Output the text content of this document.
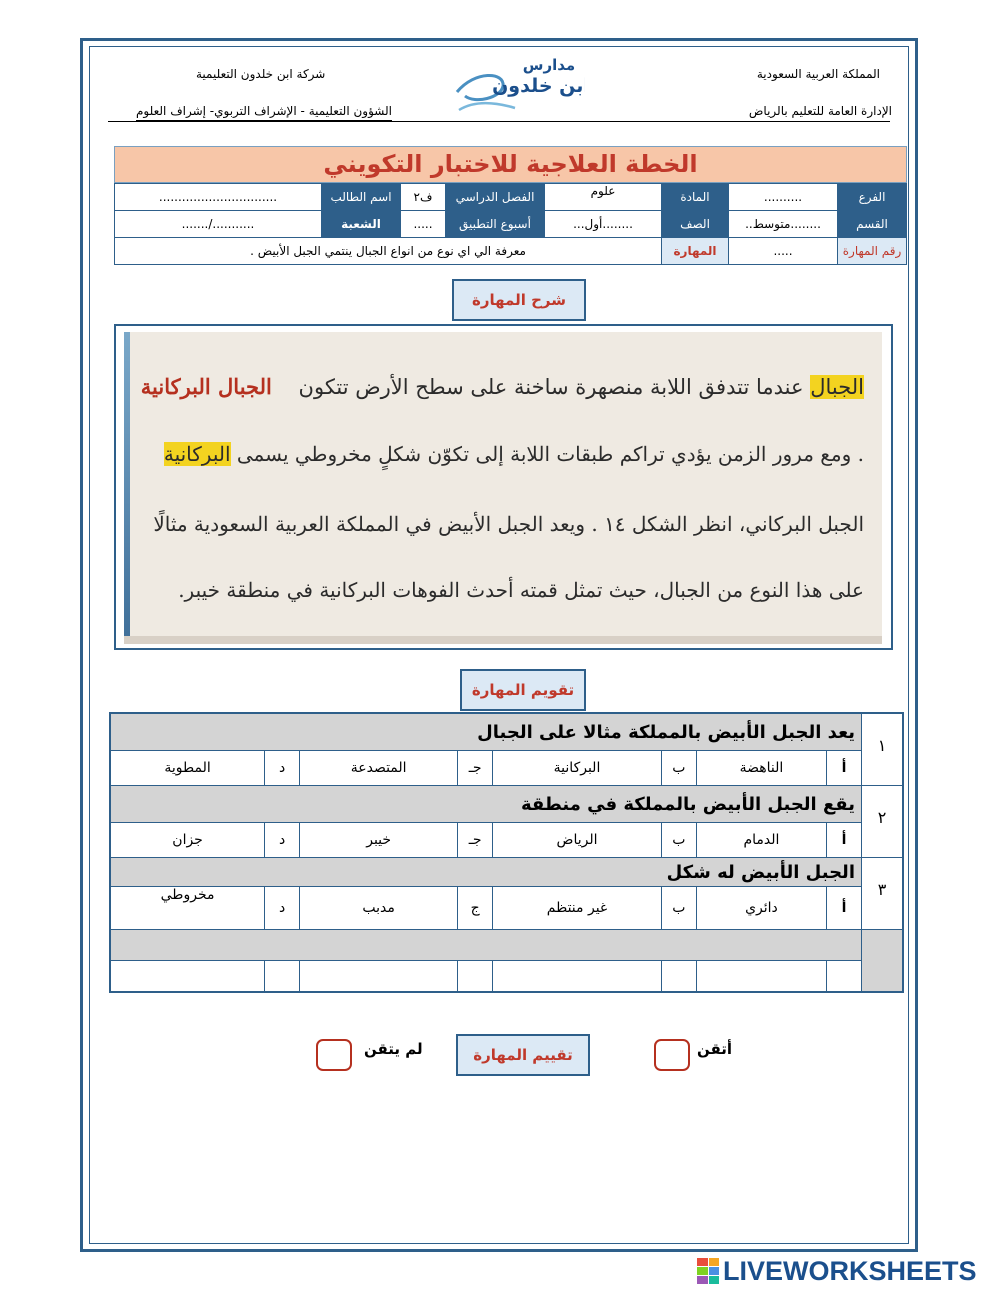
المملكة العربية السعودية
الإدارة العامة للتعليم بالرياض
شركة ابن خلدون التعليمية
الشؤون التعليمية - الإشراف التربوي- إشراف العلوم
مدارس
ابن خلدون
الخطة العلاجية للاختبار التكويني
الفرع	..........	المادة	علوم	الفصل الدراسي	ف٢	اسم الطالب	...............................
القسم	........متوسط..	الصف	........أول...	أسبوع التطبيق	.....	الشعبة	.........../.......
رقم المهارة	.....	المهارة	معرفة الي اي نوع من انواع الجبال ينتمي الجبل الأبيض .				
شرح المهارة

الجبال عندما تتدفق اللابة منصهرة ساخنة على سطح الأرض تتكون    الجبال البركانية

. ومع مرور الزمن يؤدي تراكم طبقات اللابة إلى تكوّن شكلٍ مخروطي يسمى البركانية

الجبل البركاني، انظر الشكل ١٤ . ويعد الجبل الأبيض في المملكة العربية السعودية مثالًا

على هذا النوع من الجبال، حيث تمثل قمته أحدث الفوهات البركانية في منطقة خيبر.

تقويم المهارة
١	يعد الجبل الأبيض بالمملكة مثالا على الجبال							
	أ	الناهضة	ب	البركانية	جـ	المتصدعة	د	المطوية
٢	يقع الجبل الأبيض بالمملكة في منطقة							
	أ	الدمام	ب	الرياض	جـ	خيبر	د	جزان
٣	الجبل الأبيض له شكل							
	أ	دائري	ب	غير منتظم	ج	مدبب	د	مخروطي

أتقن
تقييم المهارة
لم يتقن
LIVEWORKSHEETS
